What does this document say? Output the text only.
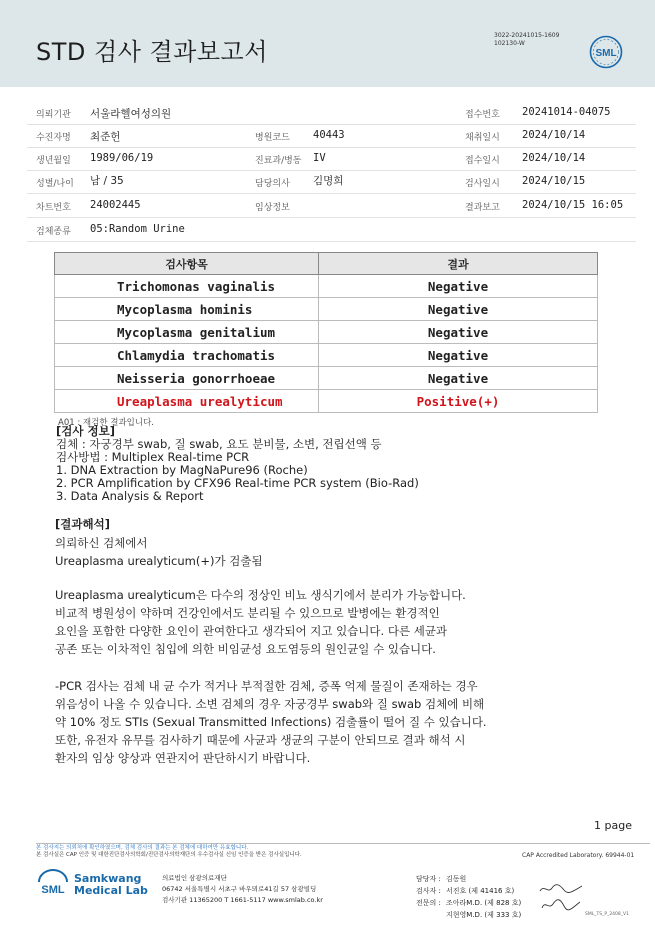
STD 검사 결과보고서
3022-20241015-1609
102130-W
SML
의뢰기관 서울라헬여성의원	접수번호 20241014-04075
수진자명 최준헌	병원코드 40443	채취일시 2024/10/14
생년월일 1989/06/19	진료과/병동 IV	접수일시 2024/10/14
성별/나이 남 / 35	담당의사 김명희	검사일시 2024/10/15
차트번호 24002445	임상정보	결과보고 2024/10/15 16:05
검체종류 05:Random Urine
검사항목	결과
Trichomonas vaginalis	Negative
Mycoplasma hominis	Negative
Mycoplasma genitalium	Negative
Chlamydia trachomatis	Negative
Neisseria gonorrhoeae	Negative
Ureaplasma urealyticum	Positive(+)
A01 : 재검한 결과입니다.
[검사 정보]
검체 : 자궁경부 swab, 질 swab, 요도 분비물, 소변, 전립선액 등
검사방법 : Multiplex Real-time PCR
1. DNA Extraction by MagNaPure96 (Roche)
2. PCR Amplification by CFX96 Real-time PCR system (Bio-Rad)
3. Data Analysis & Report
[결과해석]
의뢰하신 검체에서
Ureaplasma urealyticum(+)가 검출됨
Ureaplasma urealyticum은 다수의 정상인 비뇨 생식기에서 분리가 가능합니다.
비교적 병원성이 약하며 건강인에서도 분리될 수 있으므로 발병에는 환경적인
요인을 포함한 다양한 요인이 관여한다고 생각되어 지고 있습니다. 다른 세균과
공존 또는 이차적인 침입에 의한 비임균성 요도염등의 원인균일 수 있습니다.
-PCR 검사는 검체 내 균 수가 적거나 부적절한 검체, 증폭 억제 물질이 존재하는 경우
위음성이 나올 수 있습니다. 소변 검체의 경우 자궁경부 swab와 질 swab 검체에 비해
약 10% 정도 STIs (Sexual Transmitted Infections) 검출률이 떨어 질 수 있습니다.
또한, 유전자 유무를 검사하기 때문에 사균과 생균의 구분이 안되므로 결과 해석 시
환자의 임상 양상과 연관지어 판단하시기 바랍니다.
1 page
본 검사지는 의뢰처에 확인하였으며, 검체 검사의 결과는 본 검체에 대하여만 유효합니다.
본 검사실은 CAP 인증 및 대한진단검사의학회/진단검사의학재단의 우수검사실 신임 인증을 받은 검사실입니다.	CAP Accredited Laboratory. 69944-01
SML
Samkwang
Medical Lab
의료법인 삼광의료재단
06742 서울특별시 서초구 바우뫼로41길 57 삼광빌딩
검사기관 11365200 T 1661-5117 www.smlab.co.kr
담당자 : 김동원
검사자 : 서진호 (제 41416 호)
전문의 : 조아라M.D. (제 828 호)
지현영M.D. (제 333 호)	SML_TS_P_2408_V1
